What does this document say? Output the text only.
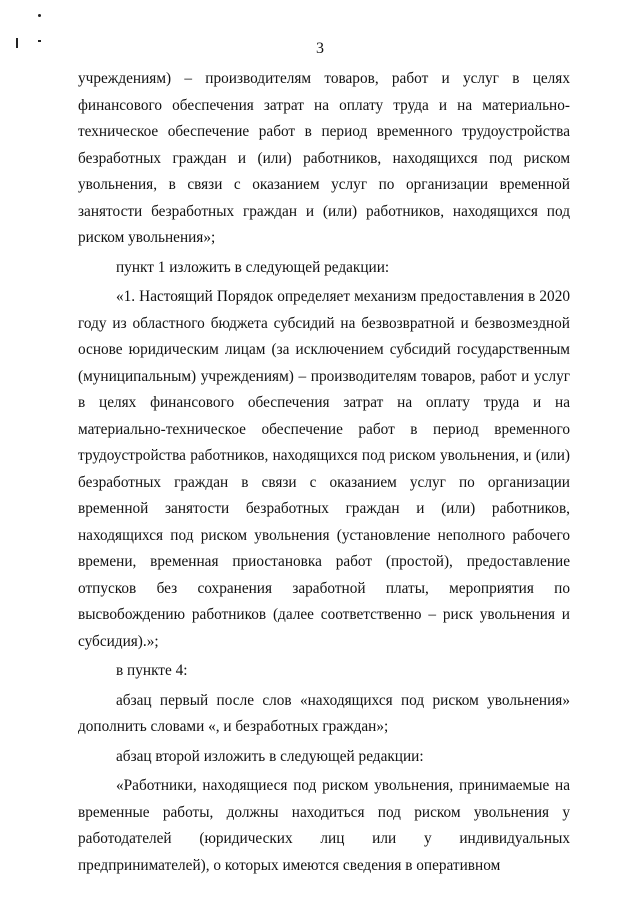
3

учреждениям) – производителям товаров, работ и услуг в целях финансового обеспечения затрат на оплату труда и на материально-техническое обеспечение работ в период временного трудоустройства безработных граждан и (или) работников, находящихся под риском увольнения, в связи с оказанием услуг по организации временной занятости безработных граждан и (или) работников, находящихся под риском увольнения»;

пункт 1 изложить в следующей редакции:

«1. Настоящий Порядок определяет механизм предоставления в 2020 году из областного бюджета субсидий на безвозвратной и безвозмездной основе юридическим лицам (за исключением субсидий государственным (муниципальным) учреждениям) – производителям товаров, работ и услуг в целях финансового обеспечения затрат на оплату труда и на материально-техническое обеспечение работ в период временного трудоустройства работников, находящихся под риском увольнения, и (или) безработных граждан в связи с оказанием услуг по организации временной занятости безработных граждан и (или) работников, находящихся под риском увольнения (установление неполного рабочего времени, временная приостановка работ (простой), предоставление отпусков без сохранения заработной платы, мероприятия по высвобождению работников (далее соответственно – риск увольнения и субсидия).»;

в пункте 4:

абзац первый после слов «находящихся под риском увольнения» дополнить словами «, и безработных граждан»;

абзац второй изложить в следующей редакции:

«Работники, находящиеся под риском увольнения, принимаемые на временные работы, должны находиться под риском увольнения у работодателей (юридических лиц или у индивидуальных предпринимателей), о которых имеются сведения в оперативном
